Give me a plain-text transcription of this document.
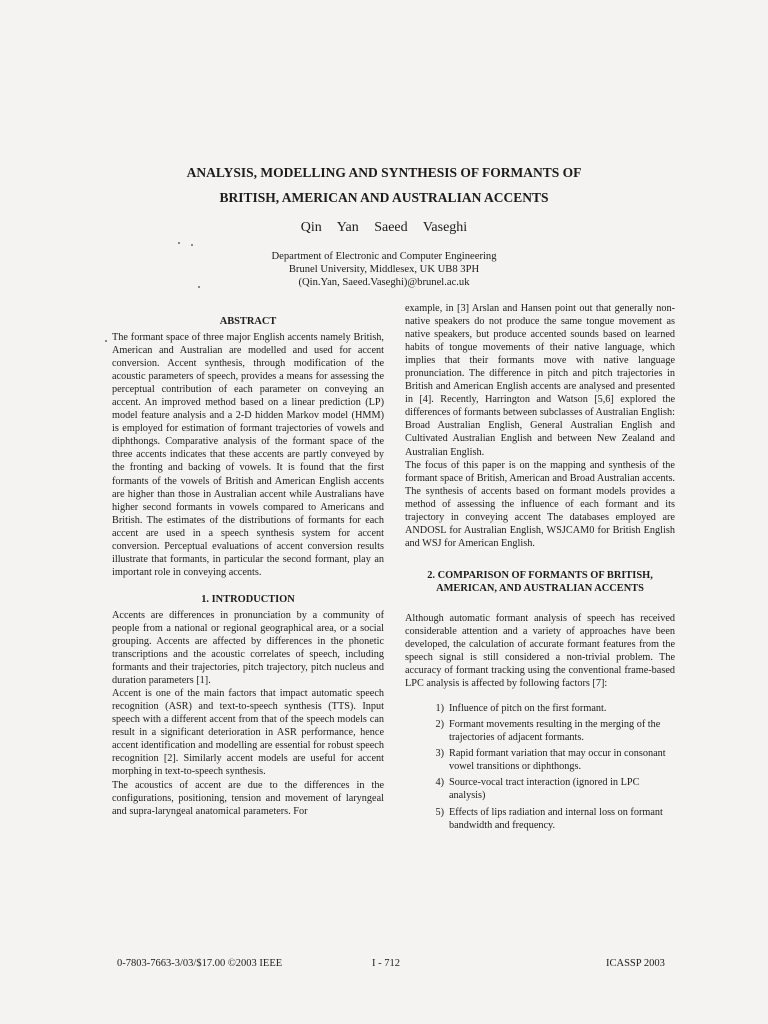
ANALYSIS, MODELLING AND SYNTHESIS OF FORMANTS OF
BRITISH, AMERICAN AND AUSTRALIAN ACCENTS
Qin Yan Saeed Vaseghi
Department of Electronic and Computer Engineering
Brunel University, Middlesex, UK UB8 3PH
(Qin.Yan, Saeed.Vaseghi)@brunel.ac.uk
ABSTRACT

The formant space of three major English accents namely British, American and Australian are modelled and used for accent conversion. Accent synthesis, through modification of the acoustic parameters of speech, provides a means for assessing the perceptual contribution of each parameter on conveying an accent. An improved method based on a linear prediction (LP) model feature analysis and a 2-D hidden Markov model (HMM) is employed for estimation of formant trajectories of vowels and diphthongs. Comparative analysis of the formant space of the three accents indicates that these accents are partly conveyed by the fronting and backing of vowels. It is found that the first formants of the vowels of British and American English accents are higher than those in Australian accent while Australians have higher second formants in vowels compared to Americans and British. The estimates of the distributions of formants for each accent are used in a speech synthesis system for accent conversion. Perceptual evaluations of accent conversion results illustrate that formants, in particular the second formant, play an important role in conveying accents.

1. INTRODUCTION

Accents are differences in pronunciation by a community of people from a national or regional geographical area, or a social grouping. Accents are affected by differences in the phonetic transcriptions and the acoustic correlates of speech, including formants and their trajectories, pitch trajectory, pitch nucleus and duration parameters [1].

Accent is one of the main factors that impact automatic speech recognition (ASR) and text-to-speech synthesis (TTS). Input speech with a different accent from that of the speech models can result in a significant deterioration in ASR performance, hence accent identification and modelling are essential for robust speech recognition [2]. Similarly accent models are useful for accent morphing in text-to-speech synthesis.

The acoustics of accent are due to the differences in the configurations, positioning, tension and movement of laryngeal and supra-laryngeal anatomical parameters. For

example, in [3] Arslan and Hansen point out that generally non-native speakers do not produce the same tongue movement as native speakers, but produce accented sounds based on learned habits of tongue movements of their native language, which implies that their formants move with native language pronunciation. The difference in pitch and pitch trajectories in British and American English accents are analysed and presented in [4]. Recently, Harrington and Watson [5,6] explored the differences of formants between subclasses of Australian English: Broad Australian English, General Australian English and Cultivated Australian English and between New Zealand and Australian English.

The focus of this paper is on the mapping and synthesis of the formant space of British, American and Broad Australian accents. The synthesis of accents based on formant models provides a method of assessing the influence of each formant and its trajectory in conveying accent The databases employed are ANDOSL for Australian English, WSJCAM0 for British English and WSJ for American English.

2. COMPARISON OF FORMANTS OF BRITISH,
AMERICAN, AND AUSTRALIAN ACCENTS

Although automatic formant analysis of speech has received considerable attention and a variety of approaches have been developed, the calculation of accurate formant features from the speech signal is still considered a non-trivial problem. The accuracy of formant tracking using the conventional frame-based LPC analysis is affected by following factors [7]:

1) Influence of pitch on the first formant.
2) Formant movements resulting in the merging of the trajectories of adjacent formants.
3) Rapid formant variation that may occur in consonant vowel transitions or diphthongs.
4) Source-vocal tract interaction (ignored in LPC analysis)
5) Effects of lips radiation and internal loss on formant bandwidth and frequency.
0-7803-7663-3/03/$17.00 ©2003 IEEE	I - 712	ICASSP 2003
